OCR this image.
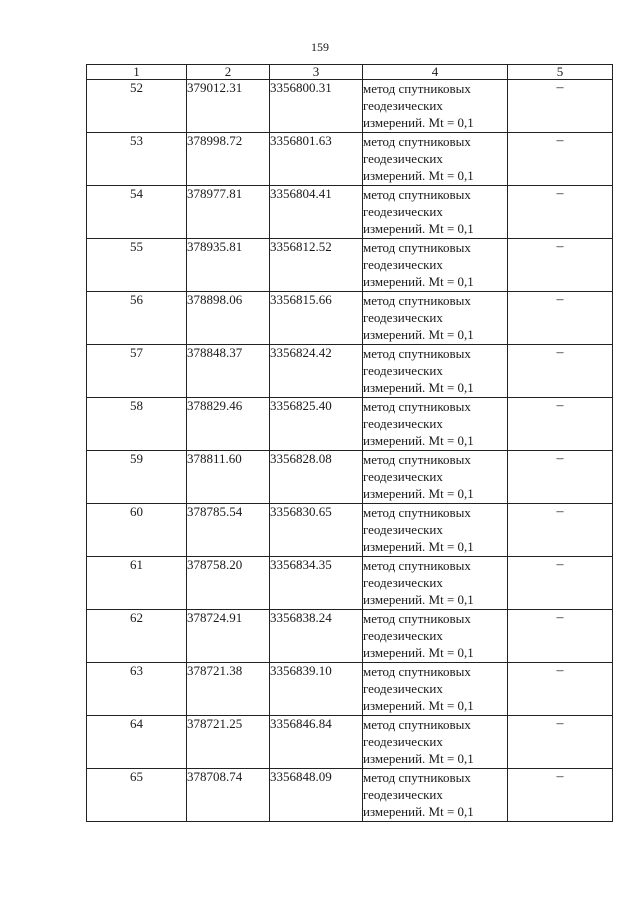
159
1	2	3	4	5
52	379012.31	3356800.31	метод спутниковых геодезических измерений. Mt = 0,1	–
53	378998.72	3356801.63	метод спутниковых геодезических измерений. Mt = 0,1	–
54	378977.81	3356804.41	метод спутниковых геодезических измерений. Mt = 0,1	–
55	378935.81	3356812.52	метод спутниковых геодезических измерений. Mt = 0,1	–
56	378898.06	3356815.66	метод спутниковых геодезических измерений. Mt = 0,1	–
57	378848.37	3356824.42	метод спутниковых геодезических измерений. Mt = 0,1	–
58	378829.46	3356825.40	метод спутниковых геодезических измерений. Mt = 0,1	–
59	378811.60	3356828.08	метод спутниковых геодезических измерений. Mt = 0,1	–
60	378785.54	3356830.65	метод спутниковых геодезических измерений. Mt = 0,1	–
61	378758.20	3356834.35	метод спутниковых геодезических измерений. Mt = 0,1	–
62	378724.91	3356838.24	метод спутниковых геодезических измерений. Mt = 0,1	–
63	378721.38	3356839.10	метод спутниковых геодезических измерений. Mt = 0,1	–
64	378721.25	3356846.84	метод спутниковых геодезических измерений. Mt = 0,1	–
65	378708.74	3356848.09	метод спутниковых геодезических измерений. Mt = 0,1	–
